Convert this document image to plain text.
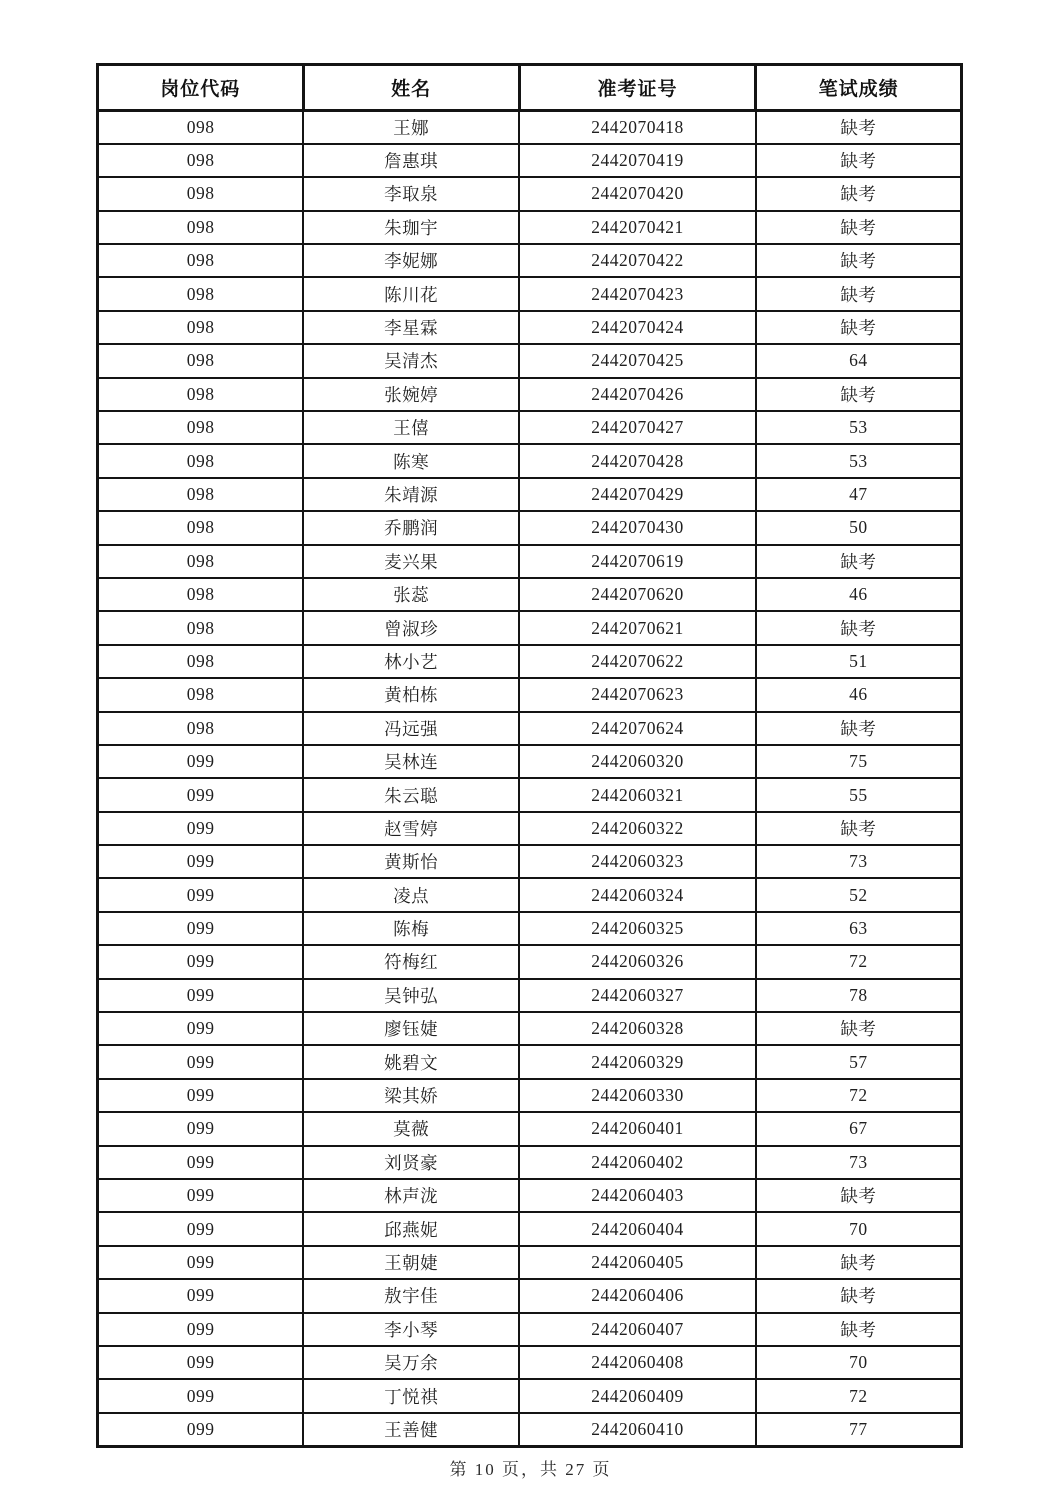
岗位代码	姓名	准考证号	笔试成绩
098	王娜	2442070418	缺考
098	詹惠琪	2442070419	缺考
098	李取泉	2442070420	缺考
098	朱珈宇	2442070421	缺考
098	李妮娜	2442070422	缺考
098	陈川花	2442070423	缺考
098	李星霖	2442070424	缺考
098	吴清杰	2442070425	64
098	张婉婷	2442070426	缺考
098	王僖	2442070427	53
098	陈寒	2442070428	53
098	朱靖源	2442070429	47
098	乔鹏润	2442070430	50
098	麦兴果	2442070619	缺考
098	张蕊	2442070620	46
098	曾淑珍	2442070621	缺考
098	林小艺	2442070622	51
098	黄柏栋	2442070623	46
098	冯远强	2442070624	缺考
099	吴林连	2442060320	75
099	朱云聪	2442060321	55
099	赵雪婷	2442060322	缺考
099	黄斯怡	2442060323	73
099	凌点	2442060324	52
099	陈梅	2442060325	63
099	符梅红	2442060326	72
099	吴钟弘	2442060327	78
099	廖钰婕	2442060328	缺考
099	姚碧文	2442060329	57
099	梁其娇	2442060330	72
099	莫薇	2442060401	67
099	刘贤豪	2442060402	73
099	林声泷	2442060403	缺考
099	邱燕妮	2442060404	70
099	王朝婕	2442060405	缺考
099	敖宇佳	2442060406	缺考
099	李小琴	2442060407	缺考
099	吴万余	2442060408	70
099	丁悦祺	2442060409	72
099	王善健	2442060410	77
第 10 页，共 27 页
